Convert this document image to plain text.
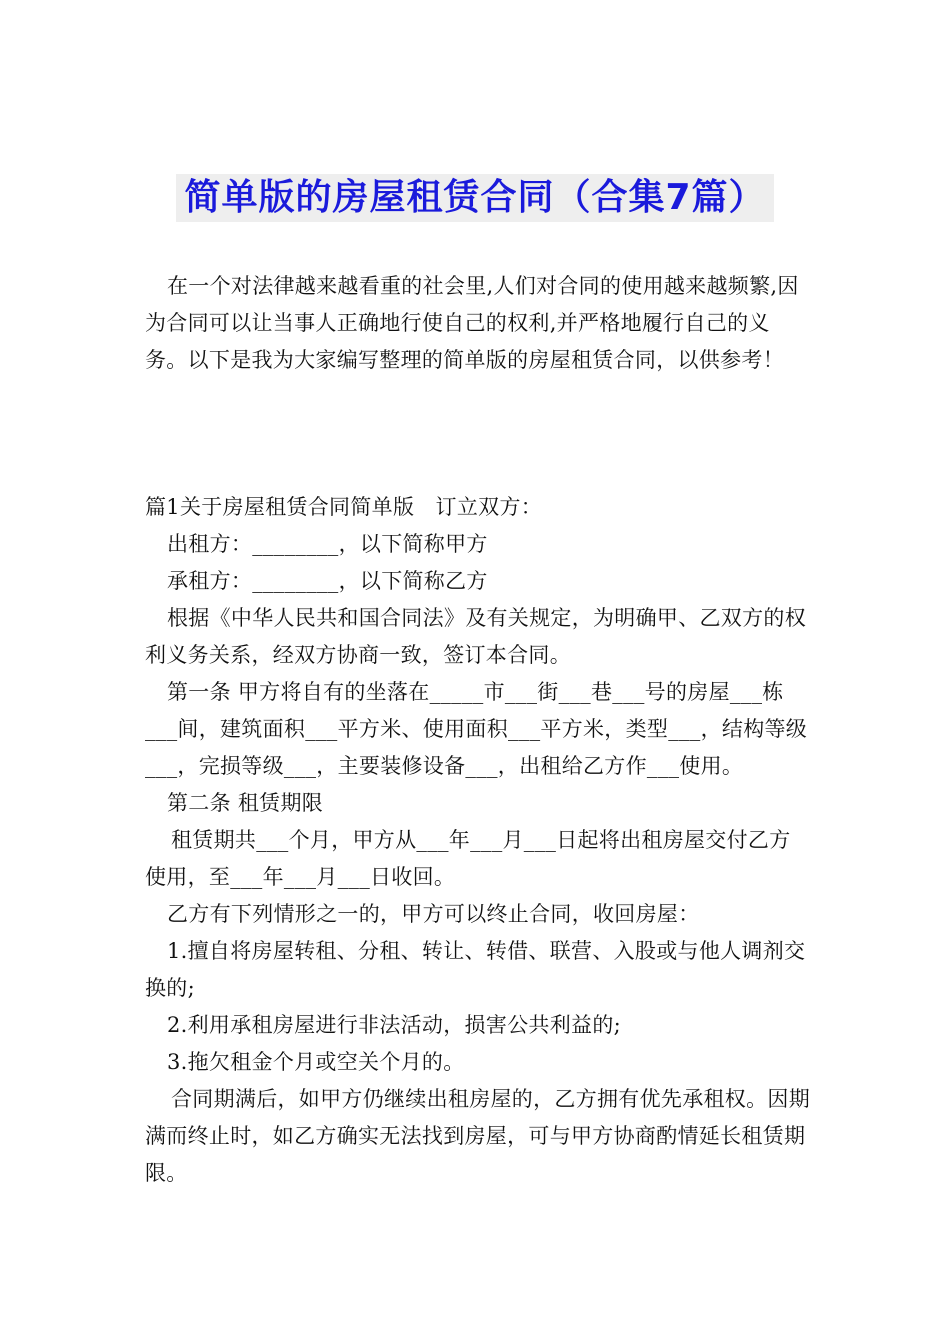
简单版的房屋租赁合同（合集7篇）

在一个对法律越来越看重的社会里,人们对合同的使用越来越频繁,因为合同可以让当事人正确地行使自己的权利,并严格地履行自己的义务。以下是我为大家编写整理的简单版的房屋租赁合同，以供参考！

篇1关于房屋租赁合同简单版　订立双方：

出租方：________，以下简称甲方

承租方：________，以下简称乙方

根据《中华人民共和国合同法》及有关规定，为明确甲、乙双方的权利义务关系，经双方协商一致，签订本合同。

第一条 甲方将自有的坐落在_____市___街___巷___号的房屋___栋___间，建筑面积___平方米、使用面积___平方米，类型___，结构等级___，完损等级___，主要装修设备___，出租给乙方作___使用。

第二条 租赁期限

租赁期共___个月，甲方从___年___月___日起将出租房屋交付乙方使用，至___年___月___日收回。

乙方有下列情形之一的，甲方可以终止合同，收回房屋：

1.擅自将房屋转租、分租、转让、转借、联营、入股或与他人调剂交换的;

2.利用承租房屋进行非法活动，损害公共利益的;

3.拖欠租金个月或空关个月的。

合同期满后，如甲方仍继续出租房屋的，乙方拥有优先承租权。因期满而终止时，如乙方确实无法找到房屋，可与甲方协商酌情延长租赁期限。
